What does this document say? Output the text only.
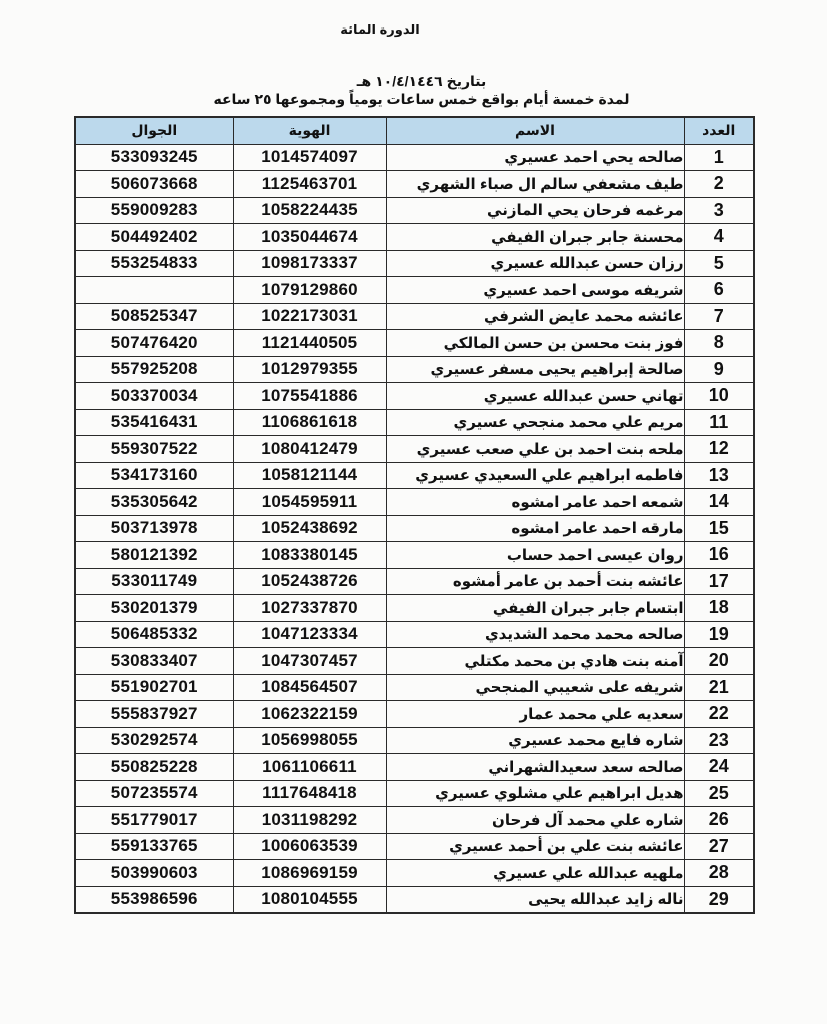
الدورة المائة
بتاريخ ١٠/٤/١٤٤٦ هـ
لمدة خمسة أيام بواقع خمس ساعات يومياً ومجموعها ٢٥ ساعه
الجوال	الهوية	الاسم	العدد
533093245	1014574097	صالحه يحي احمد عسيري	1
506073668	1125463701	طيف مشعفي سالم ال صباء الشهري	2
559009283	1058224435	مرغمه فرحان يحي المازني	3
504492402	1035044674	محسنة جابر جبران الفيفي	4
553254833	1098173337	رزان حسن عبدالله عسيري	5
	1079129860	شريفه موسى احمد عسيري	6
508525347	1022173031	عائشه محمد عايض الشرفي	7
507476420	1121440505	فوز بنت محسن بن حسن المالكي	8
557925208	1012979355	صالحة إبراهيم يحيى مسفر عسيري	9
503370034	1075541886	تهاني حسن عبدالله عسيري	10
535416431	1106861618	مريم علي محمد منجحي عسيري	11
559307522	1080412479	ملحه بنت احمد بن علي صعب عسيري	12
534173160	1058121144	فاطمه ابراهيم علي السعيدي عسيري	13
535305642	1054595911	شمعه احمد عامر امشوه	14
503713978	1052438692	مارقه احمد عامر امشوه	15
580121392	1083380145	روان عيسى احمد حساب	16
533011749	1052438726	عائشه بنت أحمد بن عامر أمشوه	17
530201379	1027337870	ابتسام جابر جبران الفيفي	18
506485332	1047123334	صالحه محمد محمد الشديدي	19
530833407	1047307457	آمنه بنت هادي بن محمد مكتلي	20
551902701	1084564507	شريفه على شعيبي المنجحي	21
555837927	1062322159	سعديه علي محمد عمار	22
530292574	1056998055	شاره فايع محمد عسيري	23
550825228	1061106611	صالحه سعد سعيدالشهراني	24
507235574	1117648418	هديل ابراهيم علي مشلوي عسيري	25
551779017	1031198292	شاره علي محمد آل فرحان	26
559133765	1006063539	عائشه بنت علي بن أحمد عسيري	27
503990603	1086969159	ملهيه عبدالله علي عسيري	28
553986596	1080104555	ناله زايد عبدالله يحيى	29
